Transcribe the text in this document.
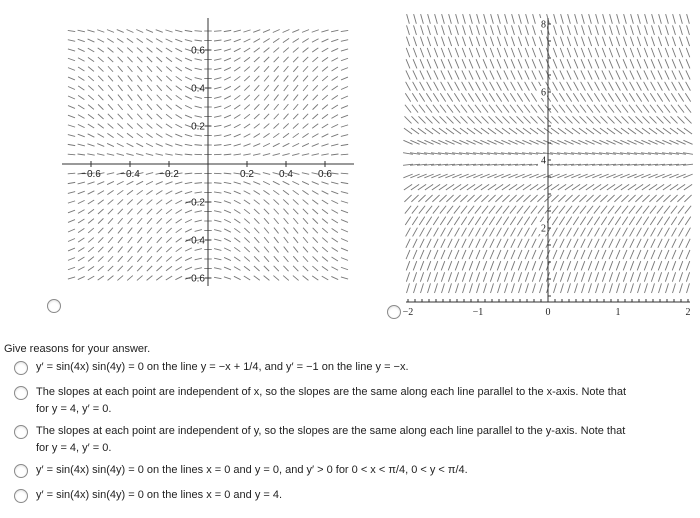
−0.6 −0.4 −0.2	0.2	0.4	0.6
0.6
0.4
0.2
−0.2
−0.4
−0.6
−2	−1	0	1	2
8
6
4
2
Give reasons for your answer.
y′ = sin(4x) sin(4y) = 0 on the line y = −x + 1/4, and y′ = −1 on the line y = −x.
The slopes at each point are independent of x, so the slopes are the same along each line parallel to the x-axis. Note that
for y = 4, y′ = 0.
The slopes at each point are independent of y, so the slopes are the same along each line parallel to the y-axis. Note that
for y = 4, y′ = 0.
y′ = sin(4x) sin(4y) = 0 on the lines x = 0 and y = 0, and y′ > 0 for 0 < x < π/4, 0 < y < π/4.
y′ = sin(4x) sin(4y) = 0 on the lines x = 0 and y = 4.
